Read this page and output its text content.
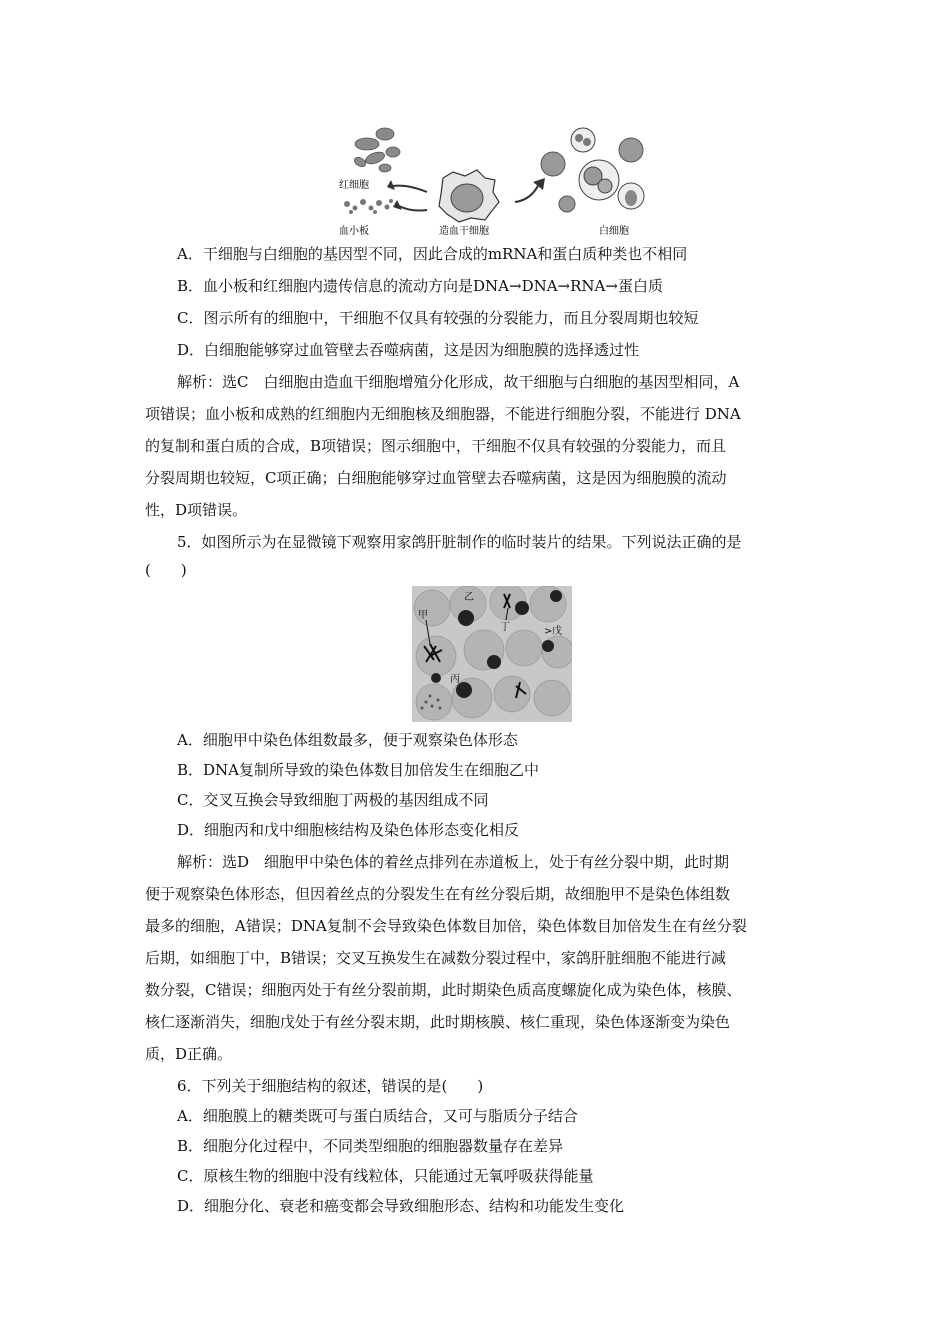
红细胞
血小板	造血干细胞	白细胞
A．干细胞与白细胞的基因型不同，因此合成的mRNA和蛋白质种类也不相同
B．血小板和红细胞内遗传信息的流动方向是DNA→DNA→RNA→蛋白质
C．图示所有的细胞中，干细胞不仅具有较强的分裂能力，而且分裂周期也较短
D．白细胞能够穿过血管壁去吞噬病菌，这是因为细胞膜的选择透过性
解析：选C　白细胞由造血干细胞增殖分化形成，故干细胞与白细胞的基因型相同，A
项错误；血小板和成熟的红细胞内无细胞核及细胞器，不能进行细胞分裂，不能进行 DNA
的复制和蛋白质的合成，B项错误；图示细胞中，干细胞不仅具有较强的分裂能力，而且
分裂周期也较短，C项正确；白细胞能够穿过血管壁去吞噬病菌，这是因为细胞膜的流动
性，D项错误。
5．如图所示为在显微镜下观察用家鸽肝脏制作的临时装片的结果。下列说法正确的是
(　　)
甲
乙
丁	戊
>
丙
A．细胞甲中染色体组数最多，便于观察染色体形态
B．DNA复制所导致的染色体数目加倍发生在细胞乙中
C．交叉互换会导致细胞丁两极的基因组成不同
D．细胞丙和戊中细胞核结构及染色体形态变化相反
解析：选D　细胞甲中染色体的着丝点排列在赤道板上，处于有丝分裂中期，此时期
便于观察染色体形态，但因着丝点的分裂发生在有丝分裂后期，故细胞甲不是染色体组数
最多的细胞，A错误；DNA复制不会导致染色体数目加倍，染色体数目加倍发生在有丝分裂
后期，如细胞丁中，B错误；交叉互换发生在减数分裂过程中，家鸽肝脏细胞不能进行减
数分裂，C错误；细胞丙处于有丝分裂前期，此时期染色质高度螺旋化成为染色体，核膜、
核仁逐渐消失，细胞戊处于有丝分裂末期，此时期核膜、核仁重现，染色体逐渐变为染色
质，D正确。
6．下列关于细胞结构的叙述，错误的是(　　)
A．细胞膜上的糖类既可与蛋白质结合，又可与脂质分子结合
B．细胞分化过程中，不同类型细胞的细胞器数量存在差异
C．原核生物的细胞中没有线粒体，只能通过无氧呼吸获得能量
D．细胞分化、衰老和癌变都会导致细胞形态、结构和功能发生变化
